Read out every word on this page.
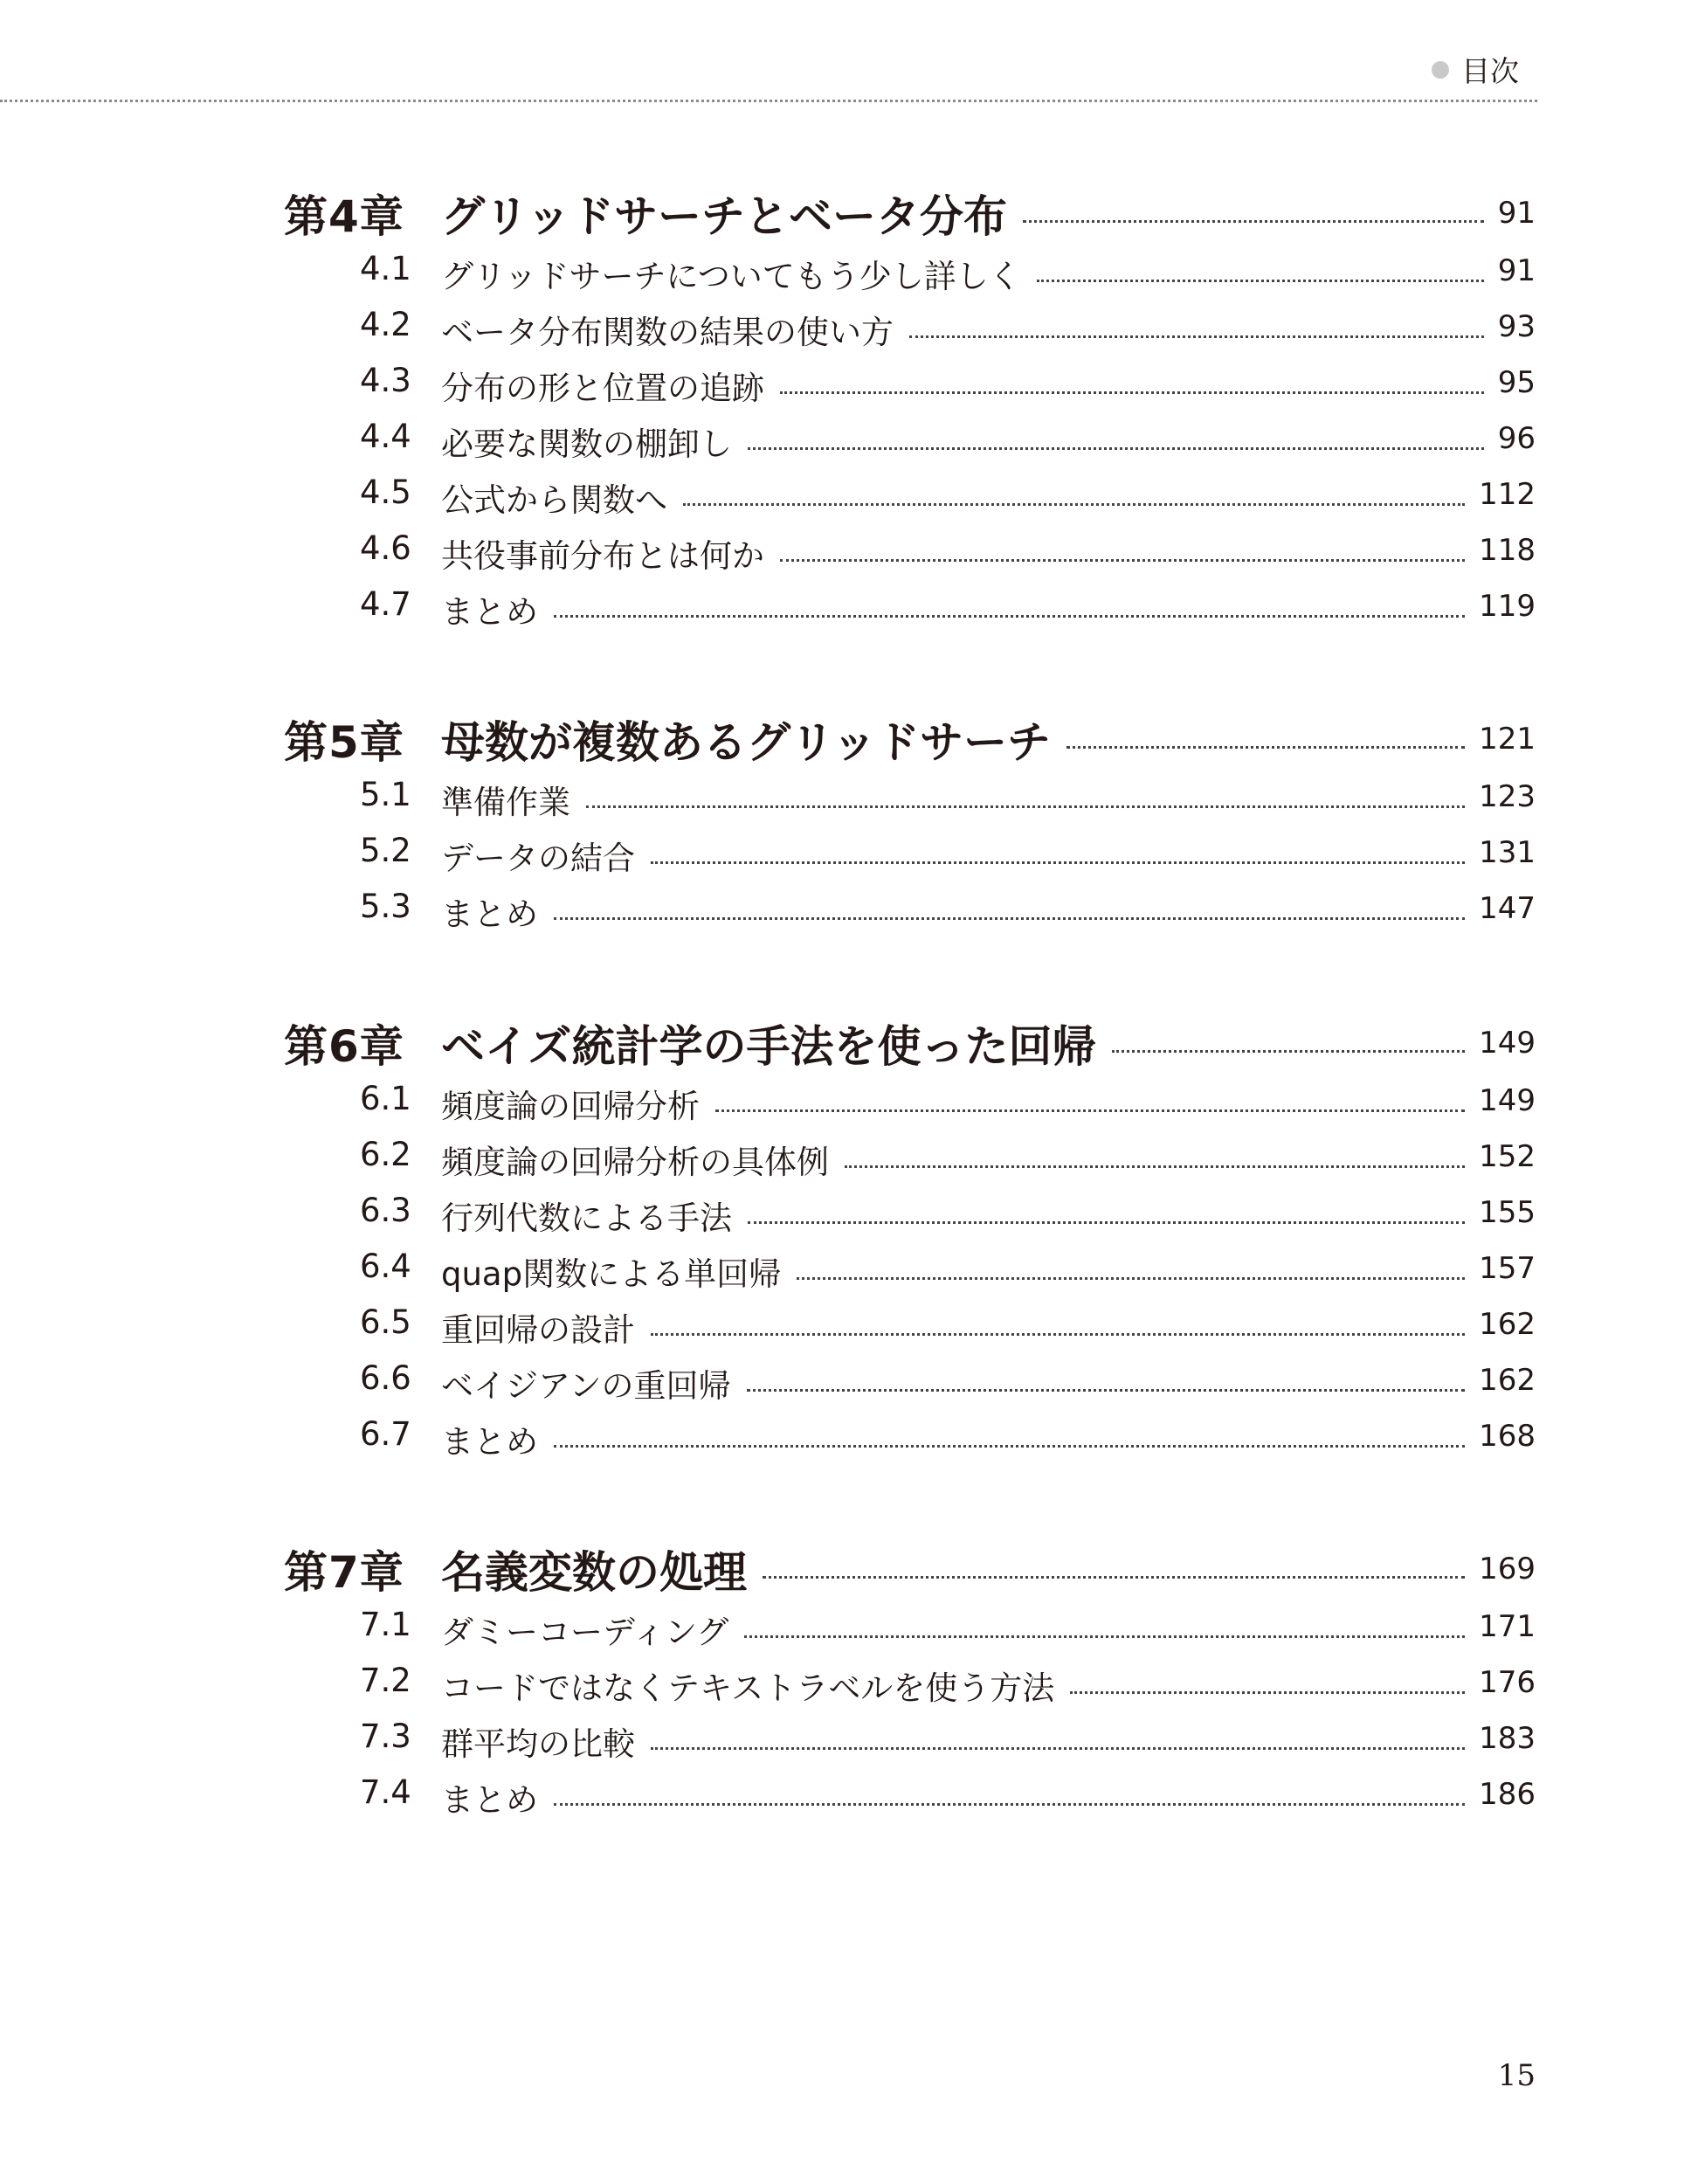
目次
第4章 グリッドサーチとベータ分布	91
4.1 グリッドサーチについてもう少し詳しく	91
4.2 ベータ分布関数の結果の使い方	93
4.3 分布の形と位置の追跡	95
4.4 必要な関数の棚卸し	96
4.5 公式から関数へ	112
4.6 共役事前分布とは何か	118
4.7 まとめ	119
第5章 母数が複数あるグリッドサーチ	121
5.1 準備作業	123
5.2 データの結合	131
5.3 まとめ	147
第6章 ベイズ統計学の手法を使った回帰	149
6.1 頻度論の回帰分析	149
6.2 頻度論の回帰分析の具体例	152
6.3 行列代数による手法	155
6.4 quap関数による単回帰	157
6.5 重回帰の設計	162
6.6 ベイジアンの重回帰	162
6.7 まとめ	168
第7章 名義変数の処理	169
7.1 ダミーコーディング	171
7.2 コードではなくテキストラベルを使う方法	176
7.3 群平均の比較	183
7.4 まとめ	186
15
